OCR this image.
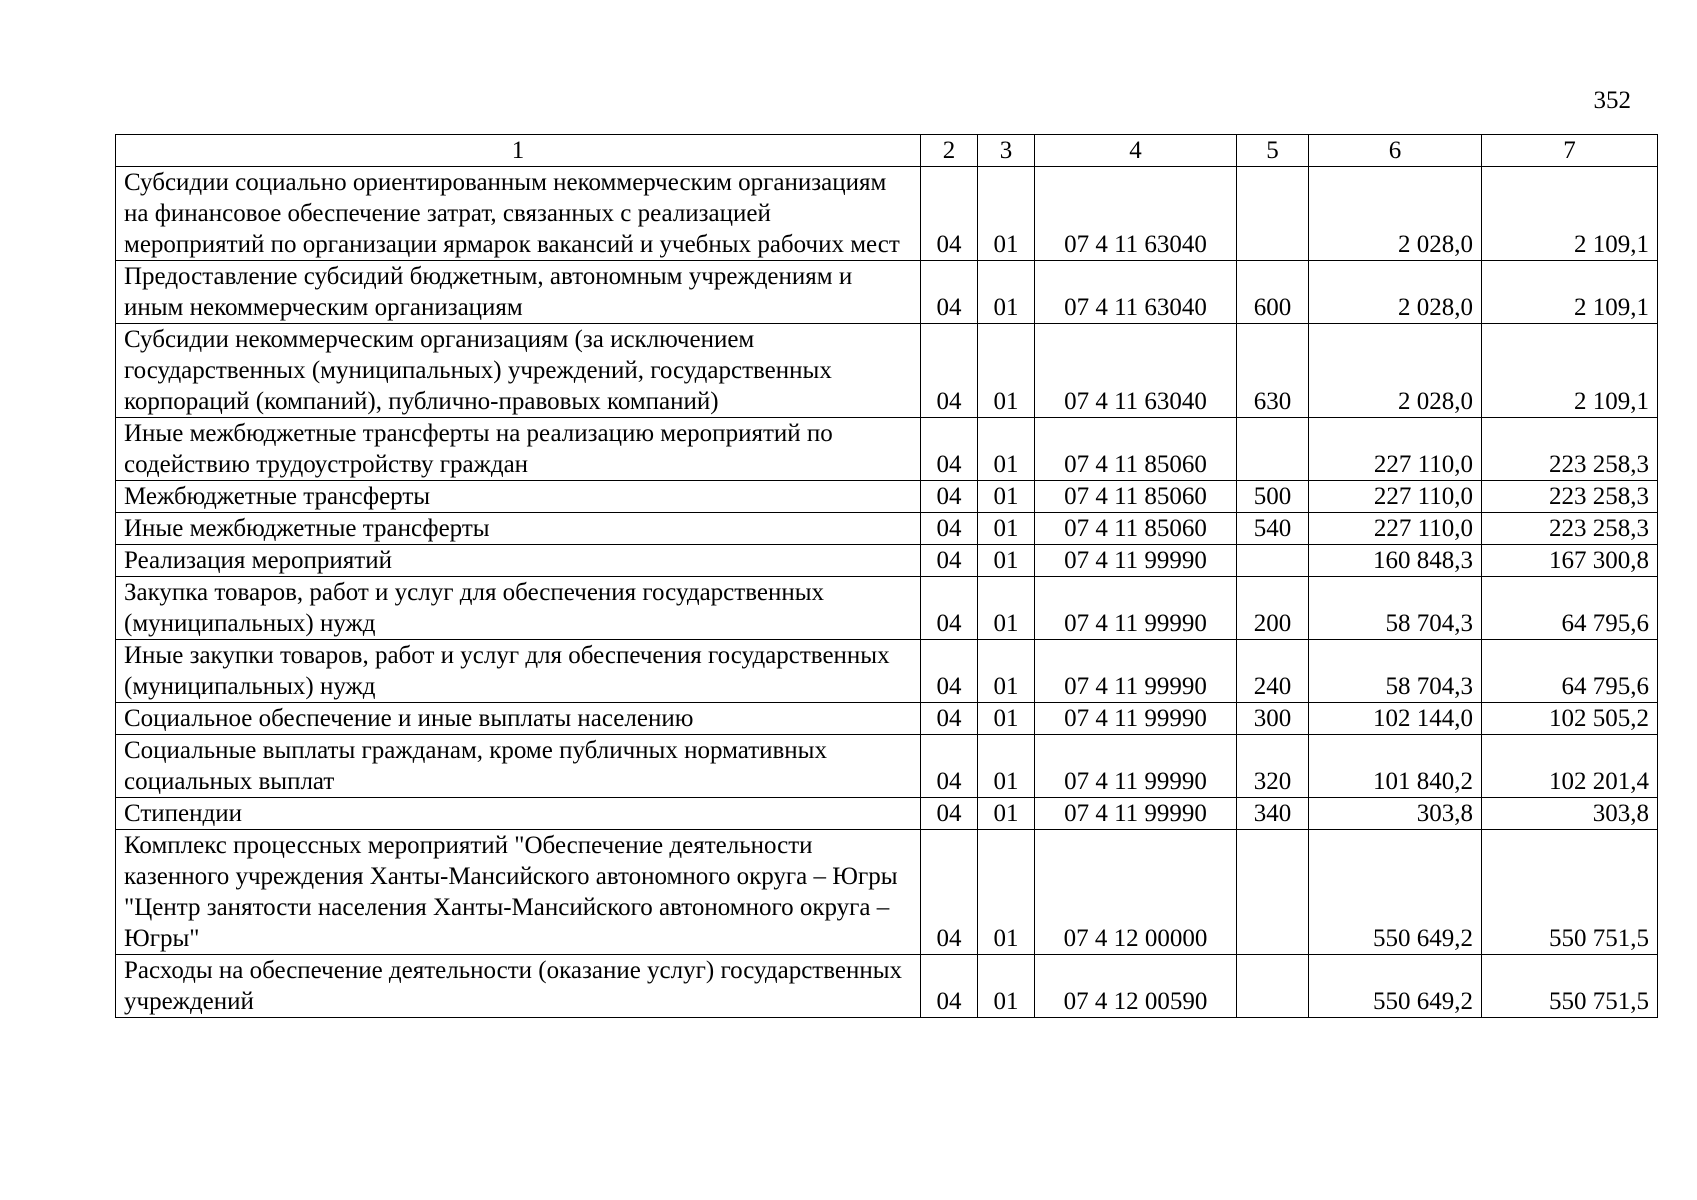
352
1	2	3	4	5	6	7
Субсидии социально ориентированным некоммерческим организациям на финансовое обеспечение затрат, связанных с реализацией мероприятий по организации ярмарок вакансий и учебных рабочих мест	04	01	07 4 11 63040		2 028,0	2 109,1
Предоставление субсидий бюджетным, автономным учреждениям и иным некоммерческим организациям	04	01	07 4 11 63040	600	2 028,0	2 109,1
Субсидии некоммерческим организациям (за исключением государственных (муниципальных) учреждений, государственных корпораций (компаний), публично-правовых компаний)	04	01	07 4 11 63040	630	2 028,0	2 109,1
Иные межбюджетные трансферты на реализацию мероприятий по содействию трудоустройству граждан	04	01	07 4 11 85060		227 110,0	223 258,3
Межбюджетные трансферты	04	01	07 4 11 85060	500	227 110,0	223 258,3
Иные межбюджетные трансферты	04	01	07 4 11 85060	540	227 110,0	223 258,3
Реализация мероприятий	04	01	07 4 11 99990		160 848,3	167 300,8
Закупка товаров, работ и услуг для обеспечения государственных (муниципальных) нужд	04	01	07 4 11 99990	200	58 704,3	64 795,6
Иные закупки товаров, работ и услуг для обеспечения государственных (муниципальных) нужд	04	01	07 4 11 99990	240	58 704,3	64 795,6
Социальное обеспечение и иные выплаты населению	04	01	07 4 11 99990	300	102 144,0	102 505,2
Социальные выплаты гражданам, кроме публичных нормативных социальных выплат	04	01	07 4 11 99990	320	101 840,2	102 201,4
Стипендии	04	01	07 4 11 99990	340	303,8	303,8
Комплекс процессных мероприятий "Обеспечение деятельности казенного учреждения Ханты-Мансийского автономного округа – Югры "Центр занятости населения Ханты-Мансийского автономного округа – Югры"	04	01	07 4 12 00000		550 649,2	550 751,5
Расходы на обеспечение деятельности (оказание услуг) государственных учреждений	04	01	07 4 12 00590		550 649,2	550 751,5
